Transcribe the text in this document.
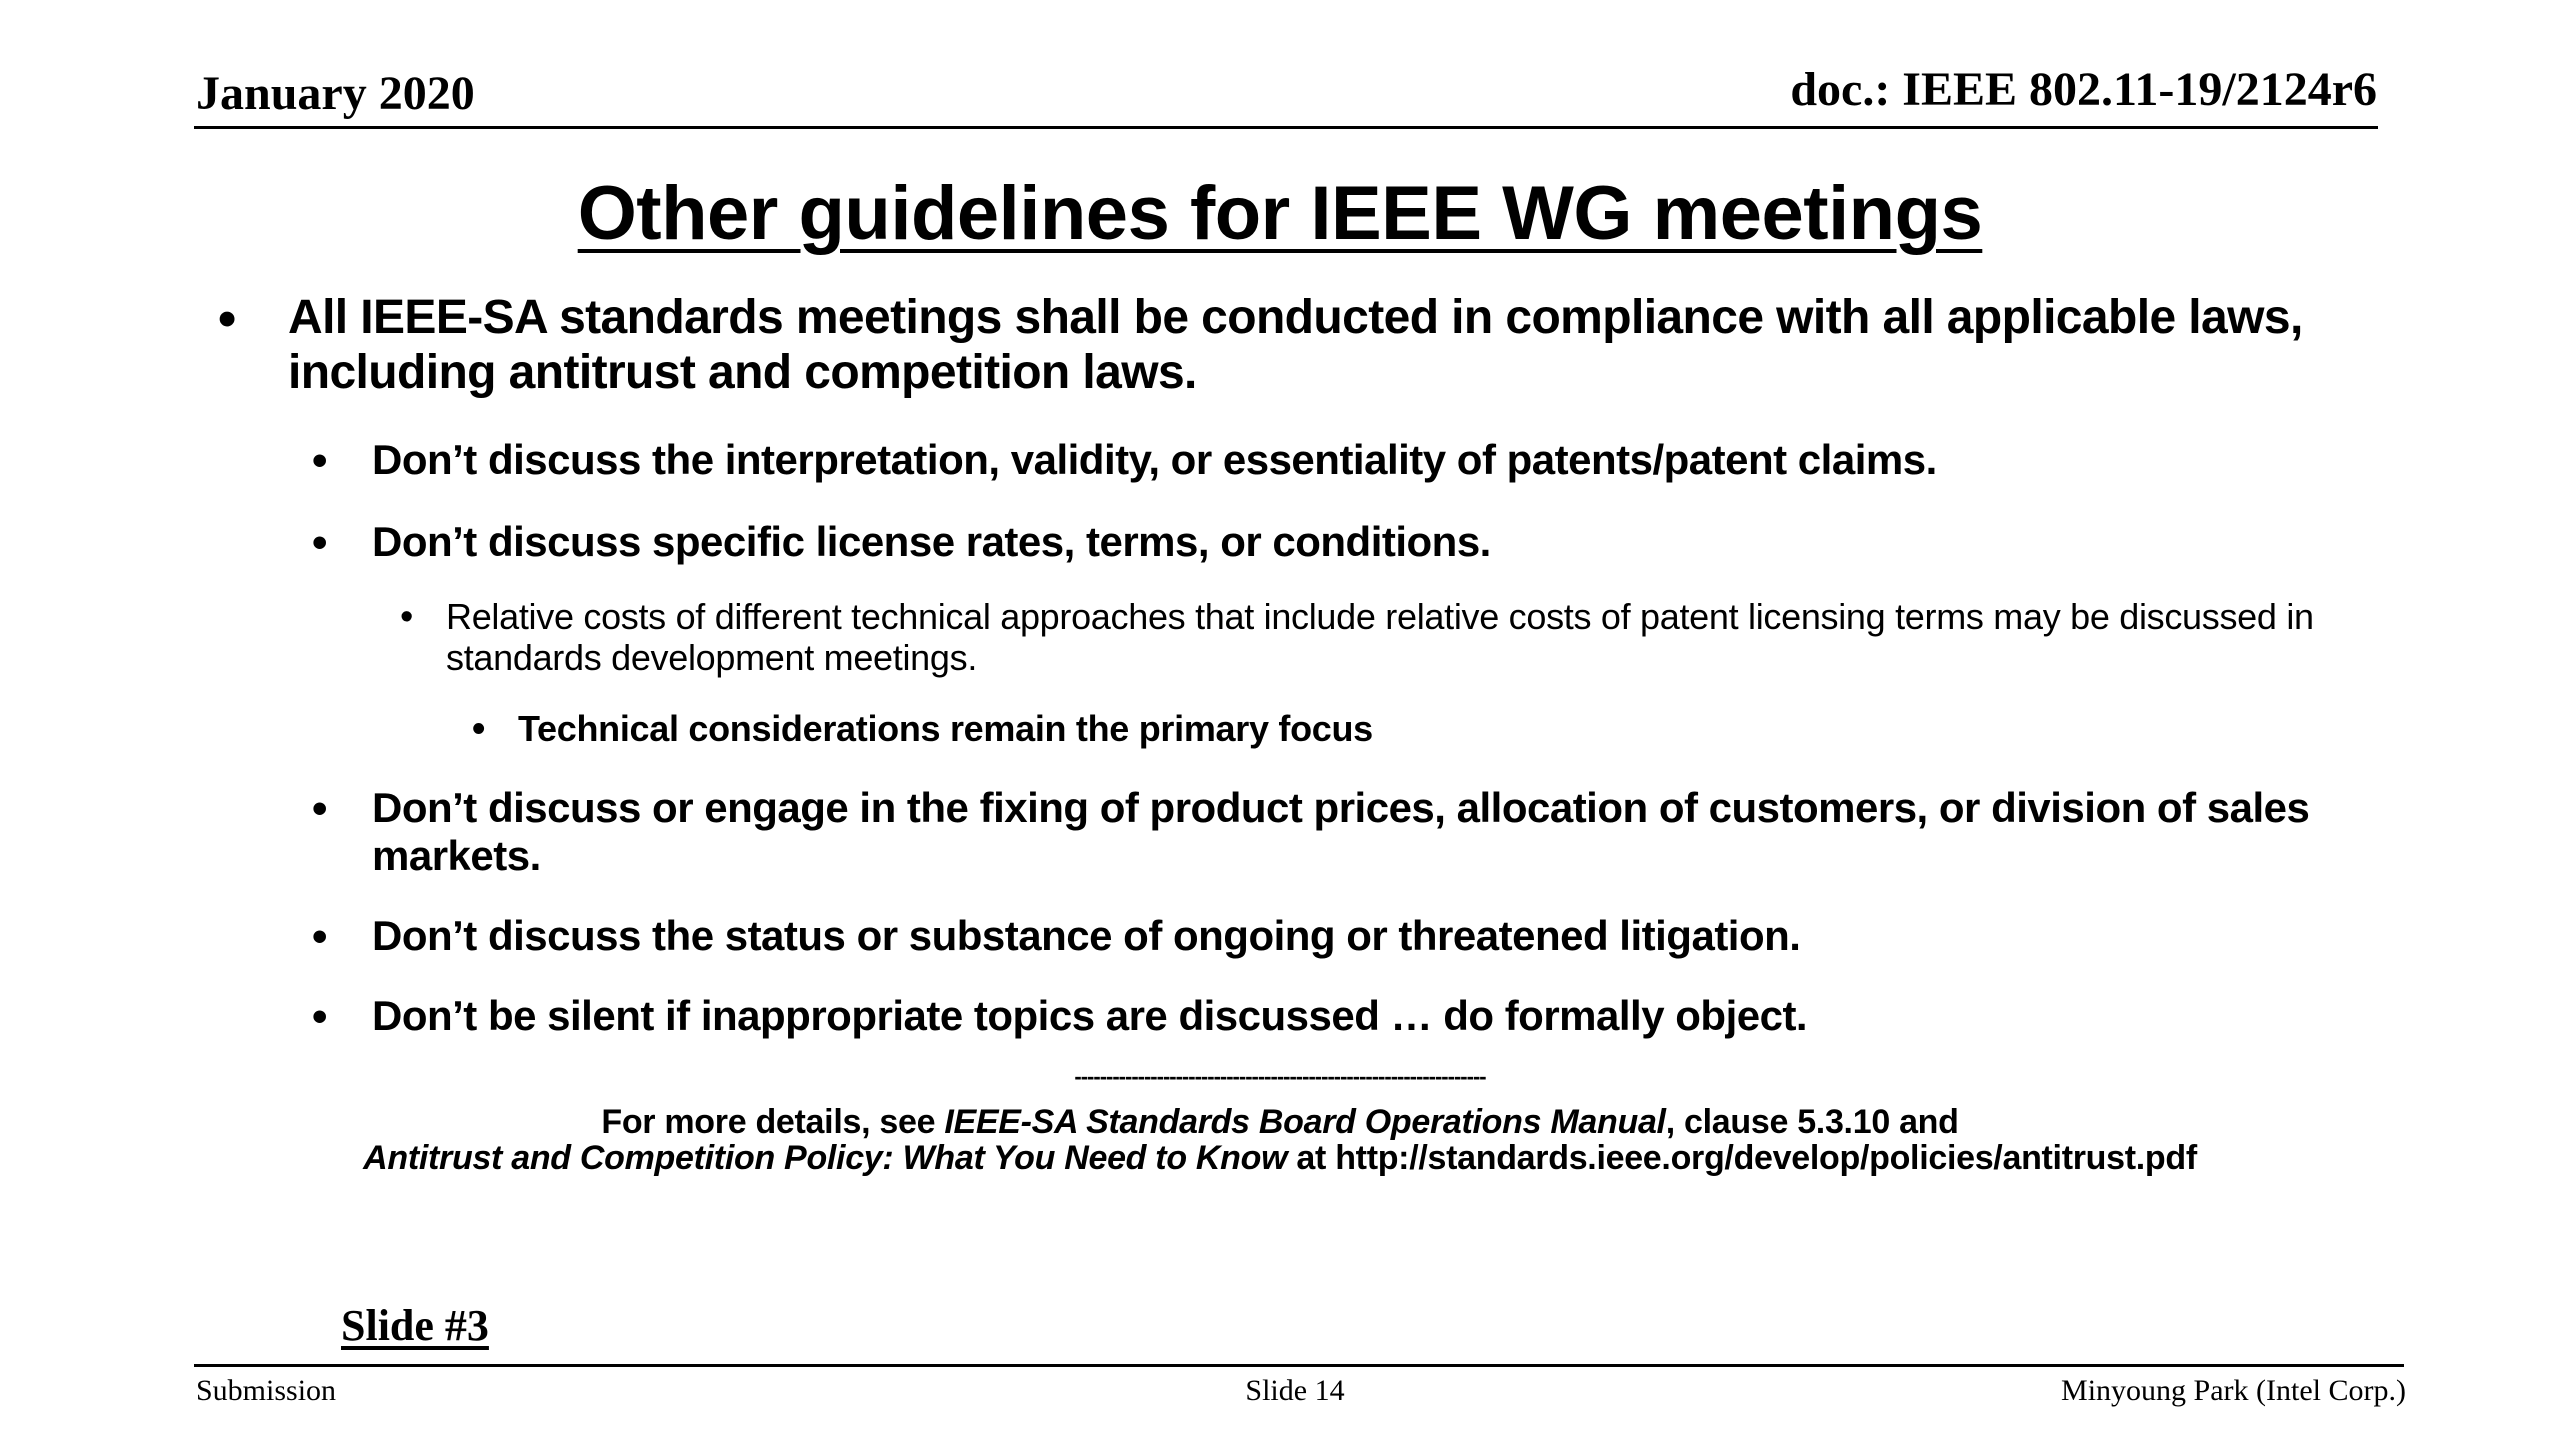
January 2020	doc.: IEEE 802.11-19/2124r6
Other guidelines for IEEE WG meetings
• All IEEE-SA standards meetings shall be conducted in compliance with all applicable laws, including antitrust and competition laws.
• Don’t discuss the interpretation, validity, or essentiality of patents/patent claims.
• Don’t discuss specific license rates, terms, or conditions.
• Relative costs of different technical approaches that include relative costs of patent licensing terms may be discussed in standards development meetings.
• Technical considerations remain the primary focus
• Don’t discuss or engage in the fixing of product prices, allocation of customers, or division of sales markets.
• Don’t discuss the status or substance of ongoing or threatened litigation.
• Don’t be silent if inappropriate topics are discussed … do formally object.
-----------------------------------------------------------------
For more details, see IEEE-SA Standards Board Operations Manual, clause 5.3.10 and
Antitrust and Competition Policy: What You Need to Know at http://standards.ieee.org/develop/policies/antitrust.pdf
Slide #3
Submission	Slide 14	Minyoung Park (Intel Corp.)
